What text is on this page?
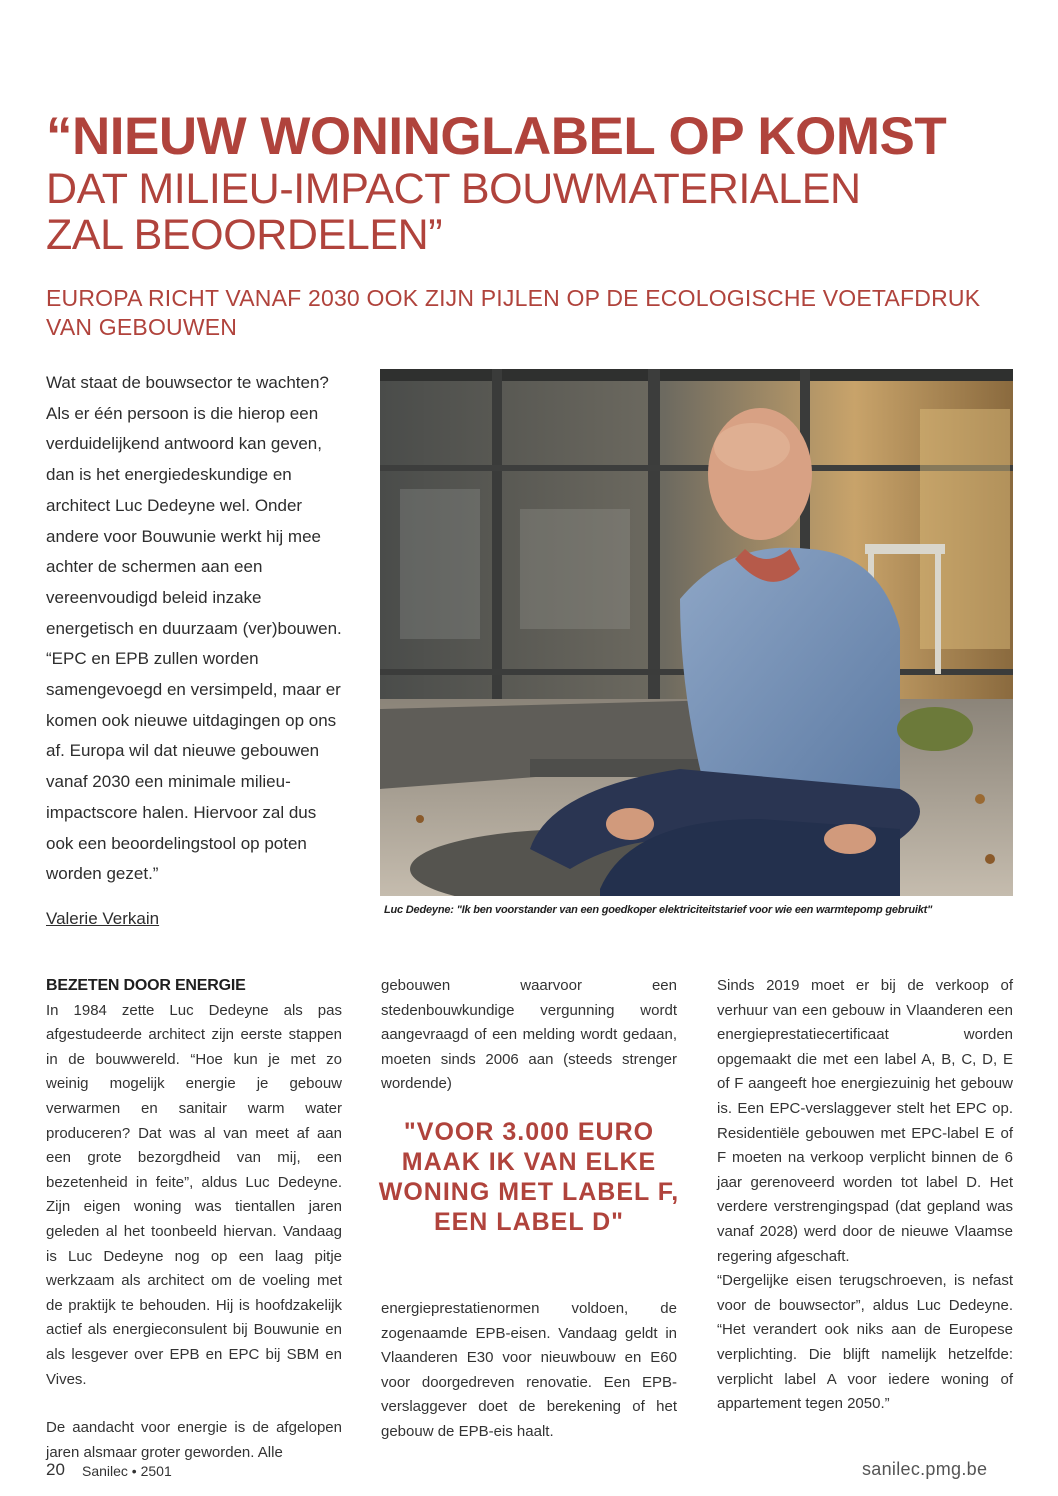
“NIEUW WONINGLABEL OP KOMST
DAT MILIEU-IMPACT BOUWMATERIALEN
ZAL BEOORDELEN”
EUROPA RICHT VANAF 2030 OOK ZIJN PIJLEN OP DE ECOLOGISCHE VOETAFDRUK VAN GEBOUWEN
Wat staat de bouwsector te wachten? Als er één persoon is die hierop een verduidelijkend antwoord kan geven, dan is het energiedeskundige en architect Luc Dedeyne wel. Onder andere voor Bouwunie werkt hij mee achter de schermen aan een vereenvoudigd beleid inzake energetisch en duurzaam (ver)bouwen. “EPC en EPB zullen worden samengevoegd en versimpeld, maar er komen ook nieuwe uitdagingen op ons af. Europa wil dat nieuwe gebouwen vanaf 2030 een minimale milieu-impactscore halen. Hiervoor zal dus ook een beoordelingstool op poten worden gezet.”
Valerie Verkain	Luc Dedeyne: "Ik ben voorstander van een goedkoper elektriciteitstarief voor wie een warmtepomp gebruikt"
BEZETEN DOOR ENERGIE

In 1984 zette Luc Dedeyne als pas afgestudeerde architect zijn eerste stappen in de bouwwereld. “Hoe kun je met zo weinig mogelijk energie je gebouw verwarmen en sanitair warm water produceren? Dat was al van meet af aan een grote bezorgdheid van mij, een bezetenheid in feite”, aldus Luc Dedeyne. Zijn eigen woning was tientallen jaren geleden al het toonbeeld hiervan. Vandaag is Luc Dedeyne nog op een laag pitje werkzaam als architect om de voeling met de praktijk te behouden. Hij is hoofdzakelijk actief als energieconsulent bij Bouwunie en als lesgever over EPB en EPC bij SBM en Vives.

De aandacht voor energie is de afgelopen jaren alsmaar groter geworden. Alle

gebouwen waarvoor een stedenbouwkundige vergunning wordt aangevraagd of een melding wordt gedaan, moeten sinds 2006 aan (steeds strenger wordende)

"VOOR 3.000 EURO MAAK IK VAN ELKE WONING MET LABEL F, EEN LABEL D"

energieprestatienormen voldoen, de zogenaamde EPB-eisen. Vandaag geldt in Vlaanderen E30 voor nieuwbouw en E60 voor doorgedreven renovatie. Een EPB-verslaggever doet de berekening of het gebouw de EPB-eis haalt.

Sinds 2019 moet er bij de verkoop of verhuur van een gebouw in Vlaanderen een energieprestatiecertificaat worden opgemaakt die met een label A, B, C, D, E of F aangeeft hoe energiezuinig het gebouw is. Een EPC-verslaggever stelt het EPC op. Residentiële gebouwen met EPC-label E of F moeten na verkoop verplicht binnen de 6 jaar gerenoveerd worden tot label D. Het verdere verstrengingspad (dat gepland was vanaf 2028) werd door de nieuwe Vlaamse regering afgeschaft.

“Dergelijke eisen terugschroeven, is nefast voor de bouwsector”, aldus Luc Dedeyne. “Het verandert ook niks aan de Europese verplichting. Die blijft namelijk hetzelfde: verplicht label A voor iedere woning of appartement tegen 2050.”

20 Sanilec • 2501	sanilec.pmg.be
